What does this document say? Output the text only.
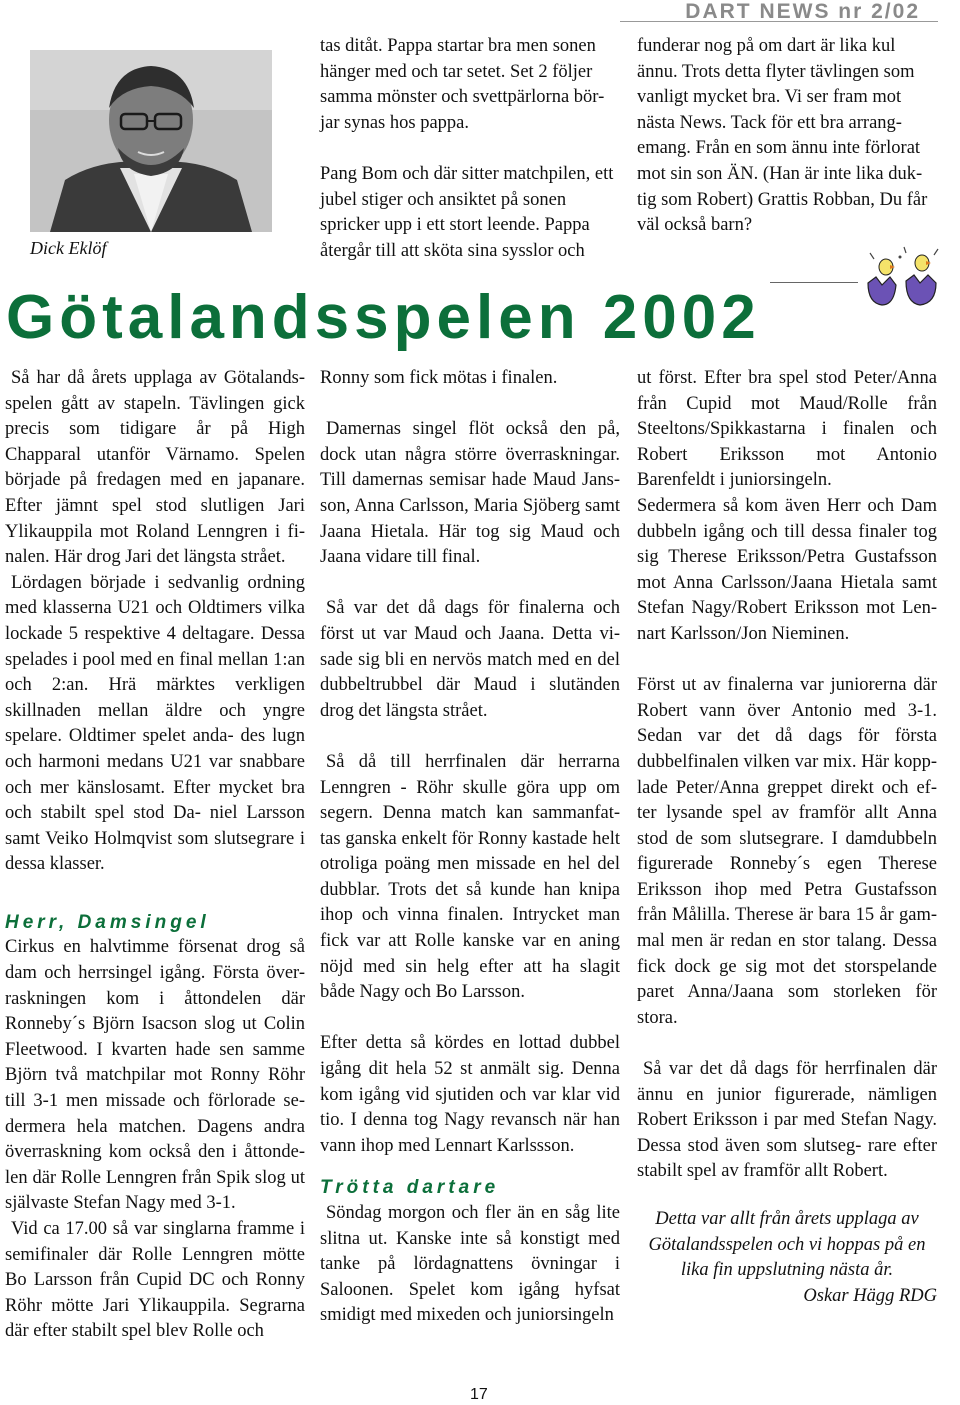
DART NEWS nr 2/02
Dick Eklöf

tas ditåt. Pappa startar bra men sonen hänger med och tar setet. Set 2 följer samma mönster och svettpärlorna bör- jar synas hos pappa.

Pang Bom och där sitter matchpilen, ett jubel stiger och ansiktet på sonen spricker upp i ett stort leende. Pappa återgår till att sköta sina sysslor och

funderar nog på om dart är lika kul ännu. Trots detta flyter tävlingen som vanligt mycket bra. Vi ser fram mot nästa News. Tack för ett bra arrang- emang. Från en som ännu inte förlorat mot sin son ÄN. (Han är inte lika duk- tig som Robert) Grattis Robban, Du får väl också barn?

Götalandsspelen 2002

Så har då årets upplaga av Götalands- spelen gått av stapeln. Tävlingen gick precis som tidigare år på High Chapparal utanför Värnamo. Spelen började på fredagen med en japanare. Efter jämnt spel stod slutligen Jari Ylikauppila mot Roland Lenngren i fi- nalen. Här drog Jari det längsta strået.

Lördagen började i sedvanlig ordning med klasserna U21 och Oldtimers vilka lockade 5 respektive 4 deltagare. Dessa spelades i pool med en final mellan 1:an och 2:an. Hrä märktes verkligen skillnaden mellan äldre och yngre spelare. Oldtimer spelet anda- des lugn och harmoni medans U21 var snabbare och mer känslosamt. Efter mycket bra och stabilt spel stod Da- niel Larsson samt Veiko Holmqvist som slutsegrare i dessa klasser.

Herr, Damsingel

Cirkus en halvtimme försenat drog så dam och herrsingel igång. Första över- raskningen kom i åttondelen där Ronneby´s Björn Isacson slog ut Colin Fleetwood. I kvarten hade sen samme Björn två matchpilar mot Ronny Röhr till 3-1 men missade och förlorade se- dermera hela matchen. Dagens andra överraskning kom också den i åttonde- len där Rolle Lenngren från Spik slog ut självaste Stefan Nagy med 3-1.

Vid ca 17.00 så var singlarna framme i semifinaler där Rolle Lenngren mötte Bo Larsson från Cupid DC och Ronny Röhr mötte Jari Ylikauppila. Segrarna där efter stabilt spel blev Rolle och

Ronny som fick mötas i finalen.

Damernas singel flöt också den på, dock utan några större överraskningar. Till damernas semisar hade Maud Jans- son, Anna Carlsson, Maria Sjöberg samt Jaana Hietala. Här tog sig Maud och Jaana vidare till final.

Så var det då dags för finalerna och först ut var Maud och Jaana. Detta vi- sade sig bli en nervös match med en del dubbeltrubbel där Maud i slutänden drog det längsta strået.

Så då till herrfinalen där herrarna Lenngren - Röhr skulle göra upp om segern. Denna match kan sammanfat- tas ganska enkelt för Ronny kastade helt otroliga poäng men missade en hel del dubblar. Trots det så kunde han knipa ihop och vinna finalen. Intrycket man fick var att Rolle kanske var en aning nöjd med sin helg efter att ha slagit både Nagy och Bo Larsson.

Efter detta så kördes en lottad dubbel igång dit hela 52 st anmält sig. Denna kom igång vid sjutiden och var klar vid tio. I denna tog Nagy revansch när han vann ihop med Lennart Karlssson.

Trötta dartare

Söndag morgon och fler än en såg lite slitna ut. Kanske inte så konstigt med tanke på lördagnattens övningar i Saloonen. Spelet kom igång hyfsat smidigt med mixeden och juniorsingeln

ut först. Efter bra spel stod Peter/Anna från Cupid mot Maud/Rolle från Steeltons/Spikkastarna i finalen och Robert Eriksson mot Antonio Barenfeldt i juniorsingeln.

Sedermera så kom även Herr och Dam dubbeln igång och till dessa finaler tog sig Therese Eriksson/Petra Gustafsson mot Anna Carlsson/Jaana Hietala samt Stefan Nagy/Robert Eriksson mot Len- nart Karlsson/Jon Nieminen.

Först ut av finalerna var juniorerna där Robert vann över Antonio med 3-1. Sedan var det då dags för första dubbelfinalen vilken var mix. Här kopp- lade Peter/Anna greppet direkt och ef- ter lysande spel av framför allt Anna stod de som slutsegrare. I damdubbeln figurerade Ronneby´s egen Therese Eriksson ihop med Petra Gustafsson från Målilla. Therese är bara 15 år gam- mal men är redan en stor talang. Dessa fick dock ge sig mot det storspelande paret Anna/Jaana som storleken för stora.

Så var det då dags för herrfinalen där ännu en junior figurerade, nämligen Robert Eriksson i par med Stefan Nagy. Dessa stod även som slutseg- rare efter stabilt spel av framför allt Robert.

Detta var allt från årets upplaga av Götalandsspelen och vi hoppas på en lika fin uppslutning nästa år.

Oskar Hägg RDG

17
